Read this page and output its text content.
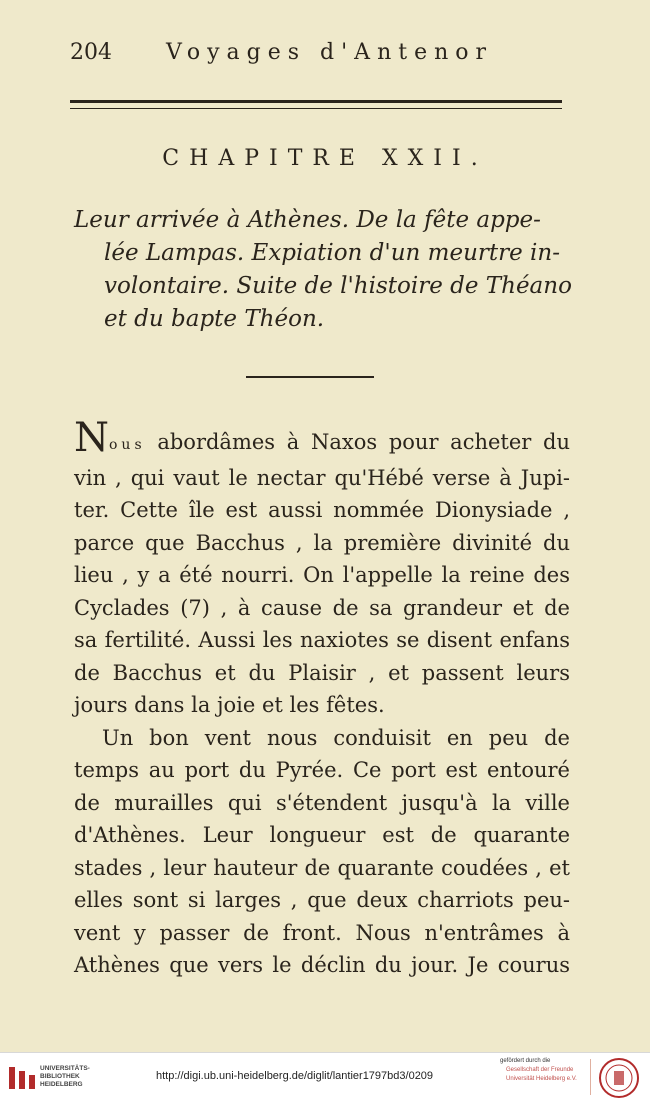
204 Voyages d'Antenor
CHAPITRE XXII.
Leur arrivée à Athènes. De la fête appe-
lée Lampas. Expiation d'un meurtre in-
volontaire. Suite de l'histoire de Théano
et du bapte Théon.
Nous abordâmes à Naxos pour acheter du
vin , qui vaut le nectar qu'Hébé verse à Jupi-
ter. Cette île est aussi nommée Dionysiade ,
parce que Bacchus , la première divinité du
lieu , y a été nourri. On l'appelle la reine des
Cyclades (7) , à cause de sa grandeur et de
sa fertilité. Aussi les naxiotes se disent enfans
de Bacchus et du Plaisir , et passent leurs
jours dans la joie et les fêtes.
Un bon vent nous conduisit en peu de
temps au port du Pyrée. Ce port est entouré
de murailles qui s'étendent jusqu'à la ville
d'Athènes. Leur longueur est de quarante
stades , leur hauteur de quarante coudées , et
elles sont si larges , que deux charriots peu-
vent y passer de front. Nous n'entrâmes à
Athènes que vers le déclin du jour. Je courus
UNIVERSITÄTS-
BIBLIOTHEK
HEIDELBERG
http://digi.ub.uni-heidelberg.de/diglit/lantier1797bd3/0209
gefördert durch die
Gesellschaft der Freunde
Universität Heidelberg e.V.
